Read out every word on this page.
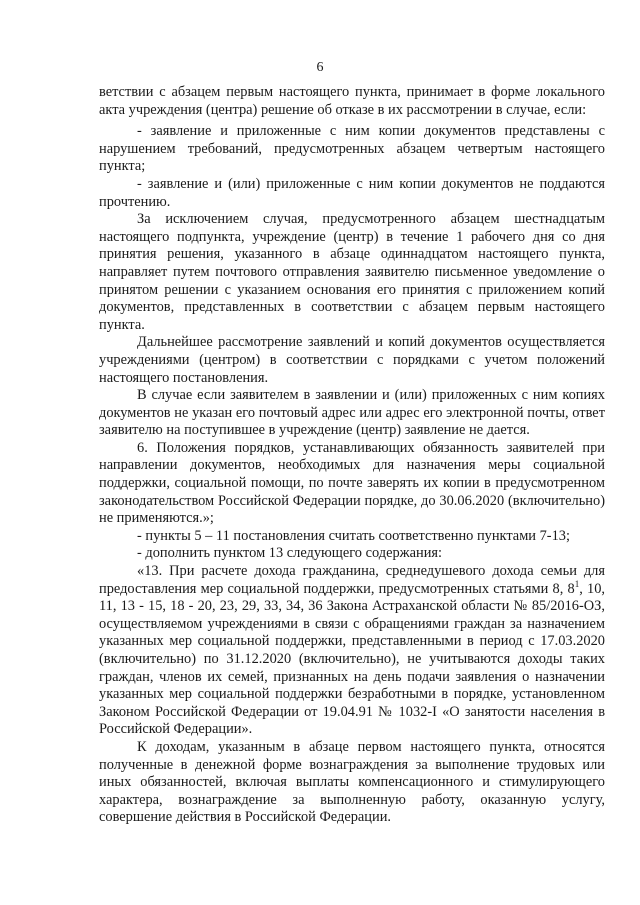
6

ветствии с абзацем первым настоящего пункта, принимает в форме локального акта учреждения (центра) решение об отказе в их рассмотрении в случае, если:

- заявление и приложенные с ним копии документов представлены с нарушением требований, предусмотренных абзацем четвертым настоящего пункта;

- заявление и (или) приложенные с ним копии документов не поддаются прочтению.

За исключением случая, предусмотренного абзацем шестнадцатым настоящего подпункта, учреждение (центр) в течение 1 рабочего дня со дня принятия решения, указанного в абзаце одиннадцатом настоящего пункта, направляет путем почтового отправления заявителю письменное уведомление о принятом решении с указанием основания его принятия с приложением копий документов, представленных в соответствии с абзацем первым настоящего пункта.

Дальнейшее рассмотрение заявлений и копий документов осуществляется учреждениями (центром) в соответствии с порядками с учетом положений настоящего постановления.

В случае если заявителем в заявлении и (или) приложенных с ним копиях документов не указан его почтовый адрес или адрес его электронной почты, ответ заявителю на поступившее в учреждение (центр) заявление не дается.

6. Положения порядков, устанавливающих обязанность заявителей при направлении документов, необходимых для назначения меры социальной поддержки, социальной помощи, по почте заверять их копии в предусмотренном законодательством Российской Федерации порядке, до 30.06.2020 (включительно) не применяются.»;

- пункты 5 – 11 постановления считать соответственно пунктами 7-13;

- дополнить пунктом 13 следующего содержания:

«13. При расчете дохода гражданина, среднедушевого дохода семьи для предоставления мер социальной поддержки, предусмотренных статьями 8, $8^1$, 10, 11, 13 - 15, 18 - 20, 23, 29, 33, 34, 36 Закона Астраханской области № 85/2016-ОЗ, осуществляемом учреждениями в связи с обращениями граждан за назначением указанных мер социальной поддержки, представленными в период с 17.03.2020 (включительно) по 31.12.2020 (включительно), не учитываются доходы таких граждан, членов их семей, признанных на день подачи заявления о назначении указанных мер социальной поддержки безработными в порядке, установленном Законом Российской Федерации от 19.04.91 № 1032-I «О занятости населения в Российской Федерации».

К доходам, указанным в абзаце первом настоящего пункта, относятся полученные в денежной форме вознаграждения за выполнение трудовых или иных обязанностей, включая выплаты компенсационного и стимулирующего характера, вознаграждение за выполненную работу, оказанную услугу, совершение действия в Российской Федерации.
